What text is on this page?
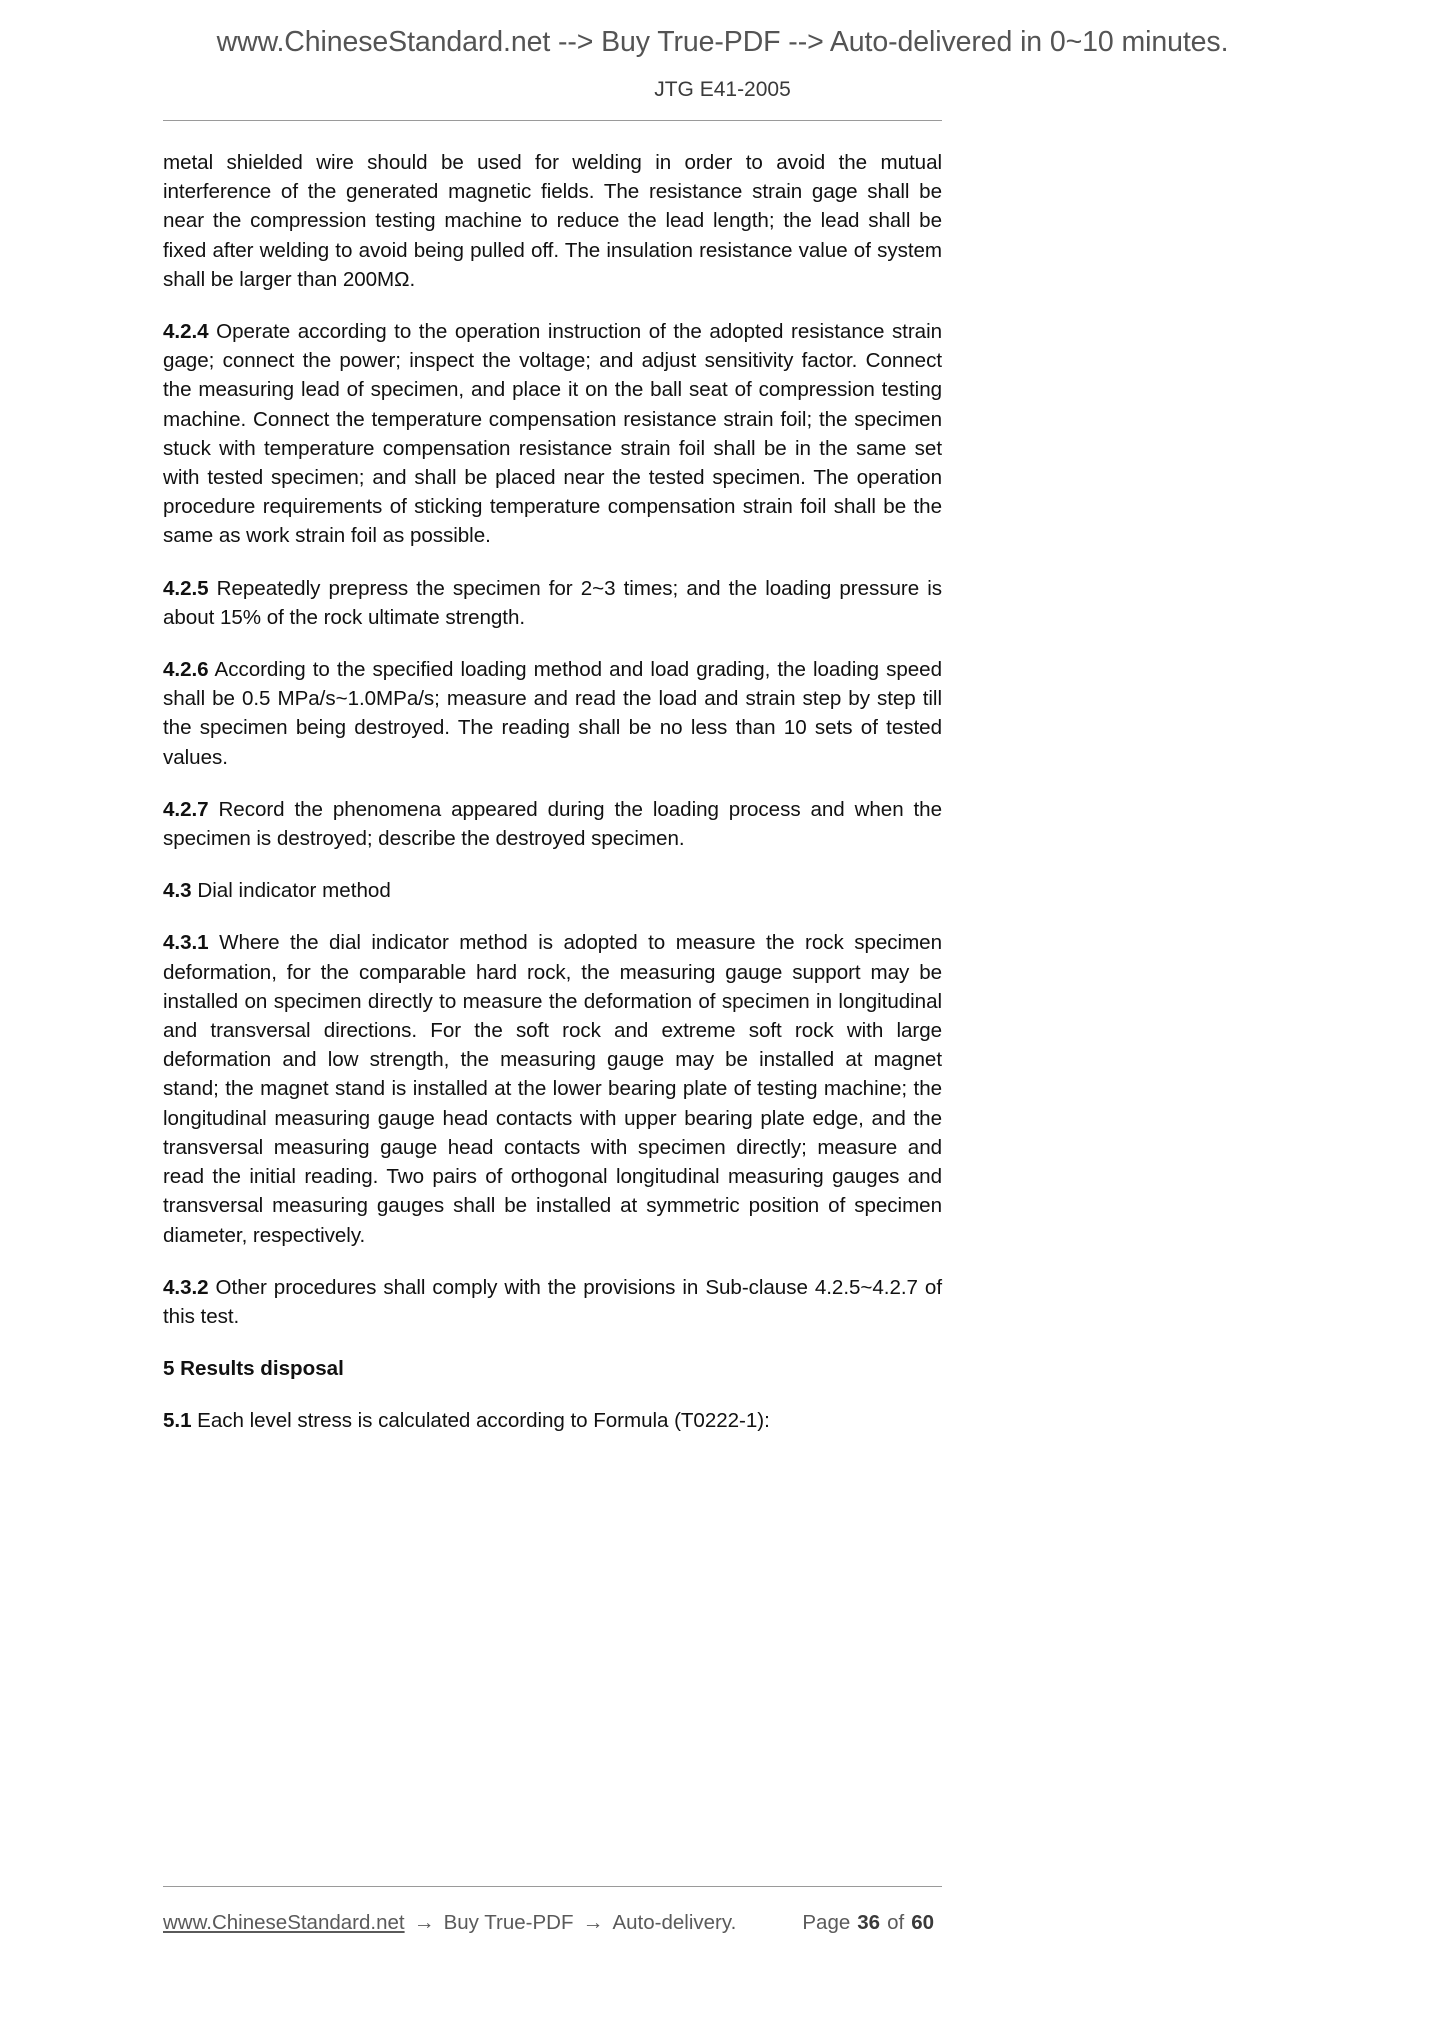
www.ChineseStandard.net --> Buy True-PDF --> Auto-delivered in 0~10 minutes.
JTG E41-2005

metal shielded wire should be used for welding in order to avoid the mutual interference of the generated magnetic fields. The resistance strain gage shall be near the compression testing machine to reduce the lead length; the lead shall be fixed after welding to avoid being pulled off. The insulation resistance value of system shall be larger than 200MΩ.

4.2.4 Operate according to the operation instruction of the adopted resistance strain gage; connect the power; inspect the voltage; and adjust sensitivity factor. Connect the measuring lead of specimen, and place it on the ball seat of compression testing machine. Connect the temperature compensation resistance strain foil; the specimen stuck with temperature compensation resistance strain foil shall be in the same set with tested specimen; and shall be placed near the tested specimen. The operation procedure requirements of sticking temperature compensation strain foil shall be the same as work strain foil as possible.

4.2.5 Repeatedly prepress the specimen for 2~3 times; and the loading pressure is about 15% of the rock ultimate strength.

4.2.6 According to the specified loading method and load grading, the loading speed shall be 0.5 MPa/s~1.0MPa/s; measure and read the load and strain step by step till the specimen being destroyed. The reading shall be no less than 10 sets of tested values.

4.2.7 Record the phenomena appeared during the loading process and when the specimen is destroyed; describe the destroyed specimen.

4.3 Dial indicator method

4.3.1 Where the dial indicator method is adopted to measure the rock specimen deformation, for the comparable hard rock, the measuring gauge support may be installed on specimen directly to measure the deformation of specimen in longitudinal and transversal directions. For the soft rock and extreme soft rock with large deformation and low strength, the measuring gauge may be installed at magnet stand; the magnet stand is installed at the lower bearing plate of testing machine; the longitudinal measuring gauge head contacts with upper bearing plate edge, and the transversal measuring gauge head contacts with specimen directly; measure and read the initial reading. Two pairs of orthogonal longitudinal measuring gauges and transversal measuring gauges shall be installed at symmetric position of specimen diameter, respectively.

4.3.2 Other procedures shall comply with the provisions in Sub-clause 4.2.5~4.2.7 of this test.

5 Results disposal

5.1 Each level stress is calculated according to Formula (T0222-1):

www.ChineseStandard.net → Buy True-PDF → Auto-delivery.	Page 36 of 60
